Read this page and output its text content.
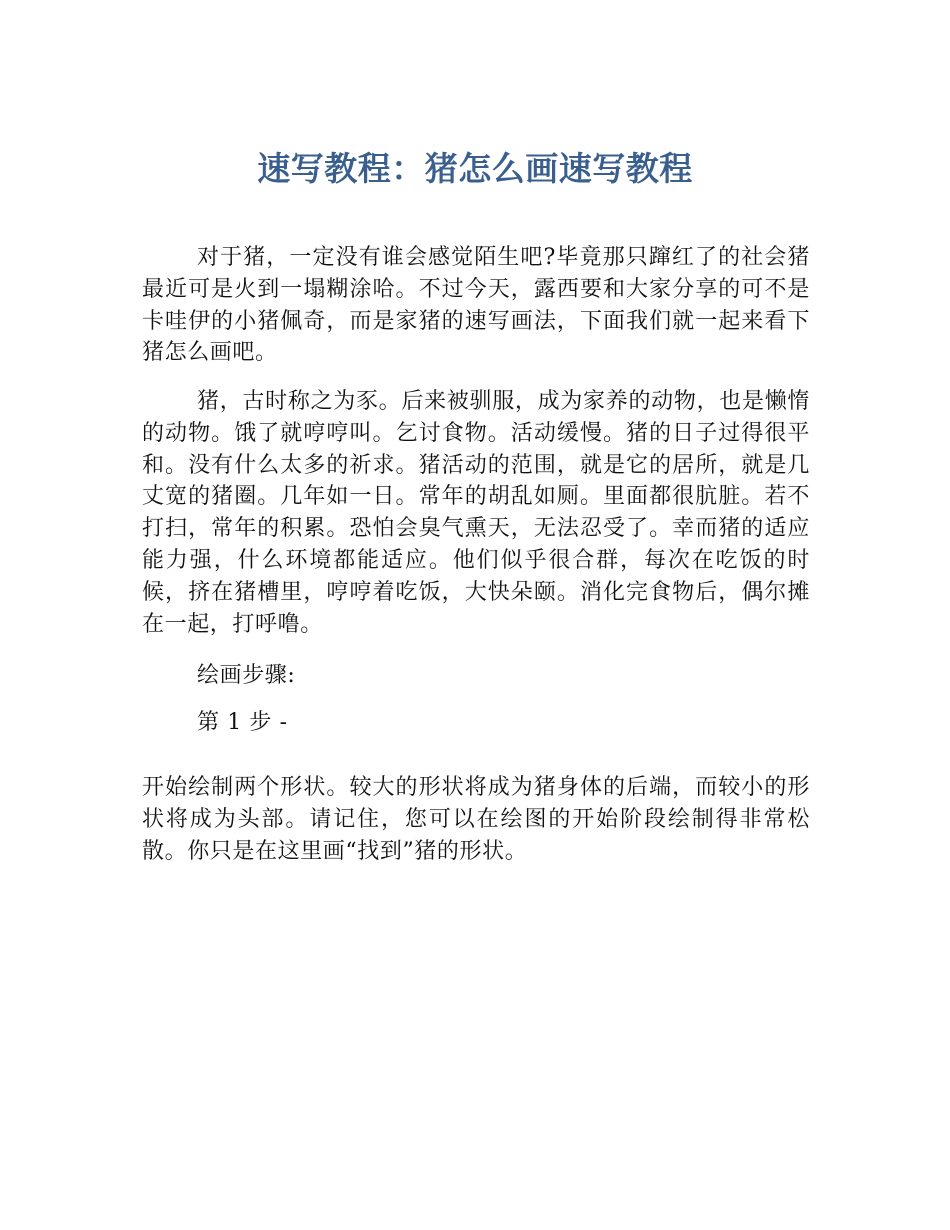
速写教程：猪怎么画速写教程

对于猪，一定没有谁会感觉陌生吧?毕竟那只蹿红了的社会猪最近可是火到一塌糊涂哈。不过今天，露西要和大家分享的可不是卡哇伊的小猪佩奇，而是家猪的速写画法，下面我们就一起来看下猪怎么画吧。

猪，古时称之为豕。后来被驯服，成为家养的动物，也是懒惰的动物。饿了就哼哼叫。乞讨食物。活动缓慢。猪的日子过得很平和。没有什么太多的祈求。猪活动的范围，就是它的居所，就是几丈宽的猪圈。几年如一日。常年的胡乱如厕。里面都很肮脏。若不打扫，常年的积累。恐怕会臭气熏天，无法忍受了。幸而猪的适应能力强，什么环境都能适应。他们似乎很合群，每次在吃饭的时候，挤在猪槽里，哼哼着吃饭，大快朵颐。消化完食物后，偶尔摊在一起，打呼噜。

绘画步骤:

第 1 步 -

开始绘制两个形状。较大的形状将成为猪身体的后端，而较小的形状将成为头部。请记住，您可以在绘图的开始阶段绘制得非常松散。你只是在这里画“找到”猪的形状。
